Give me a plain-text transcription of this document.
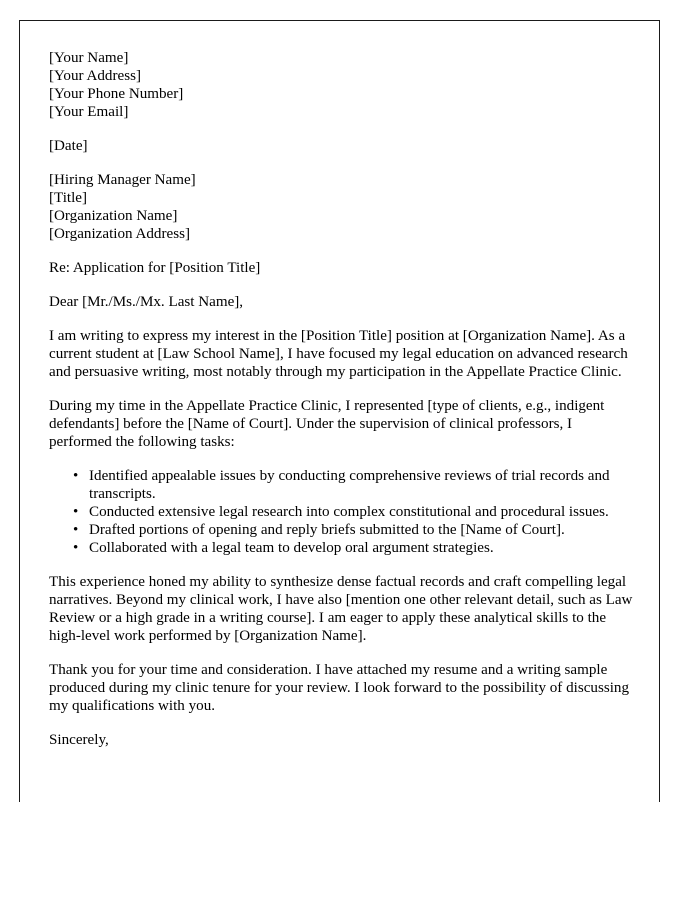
[Your Name]
[Your Address]
[Your Phone Number]
[Your Email]
[Date]
[Hiring Manager Name]
[Title]
[Organization Name]
[Organization Address]

Re: Application for [Position Title]

Dear [Mr./Ms./Mx. Last Name],

I am writing to express my interest in the [Position Title] position at [Organization Name]. As a current student at [Law School Name], I have focused my legal education on advanced research and persuasive writing, most notably through my participation in the Appellate Practice Clinic.

During my time in the Appellate Practice Clinic, I represented [type of clients, e.g., indigent defendants] before the [Name of Court]. Under the supervision of clinical professors, I performed the following tasks:

• Identified appealable issues by conducting comprehensive reviews of trial records and transcripts.
• Conducted extensive legal research into complex constitutional and procedural issues.
• Drafted portions of opening and reply briefs submitted to the [Name of Court].
• Collaborated with a legal team to develop oral argument strategies.

This experience honed my ability to synthesize dense factual records and craft compelling legal narratives. Beyond my clinical work, I have also [mention one other relevant detail, such as Law Review or a high grade in a writing course]. I am eager to apply these analytical skills to the high-level work performed by [Organization Name].

Thank you for your time and consideration. I have attached my resume and a writing sample produced during my clinic tenure for your review. I look forward to the possibility of discussing my qualifications with you.

Sincerely,
